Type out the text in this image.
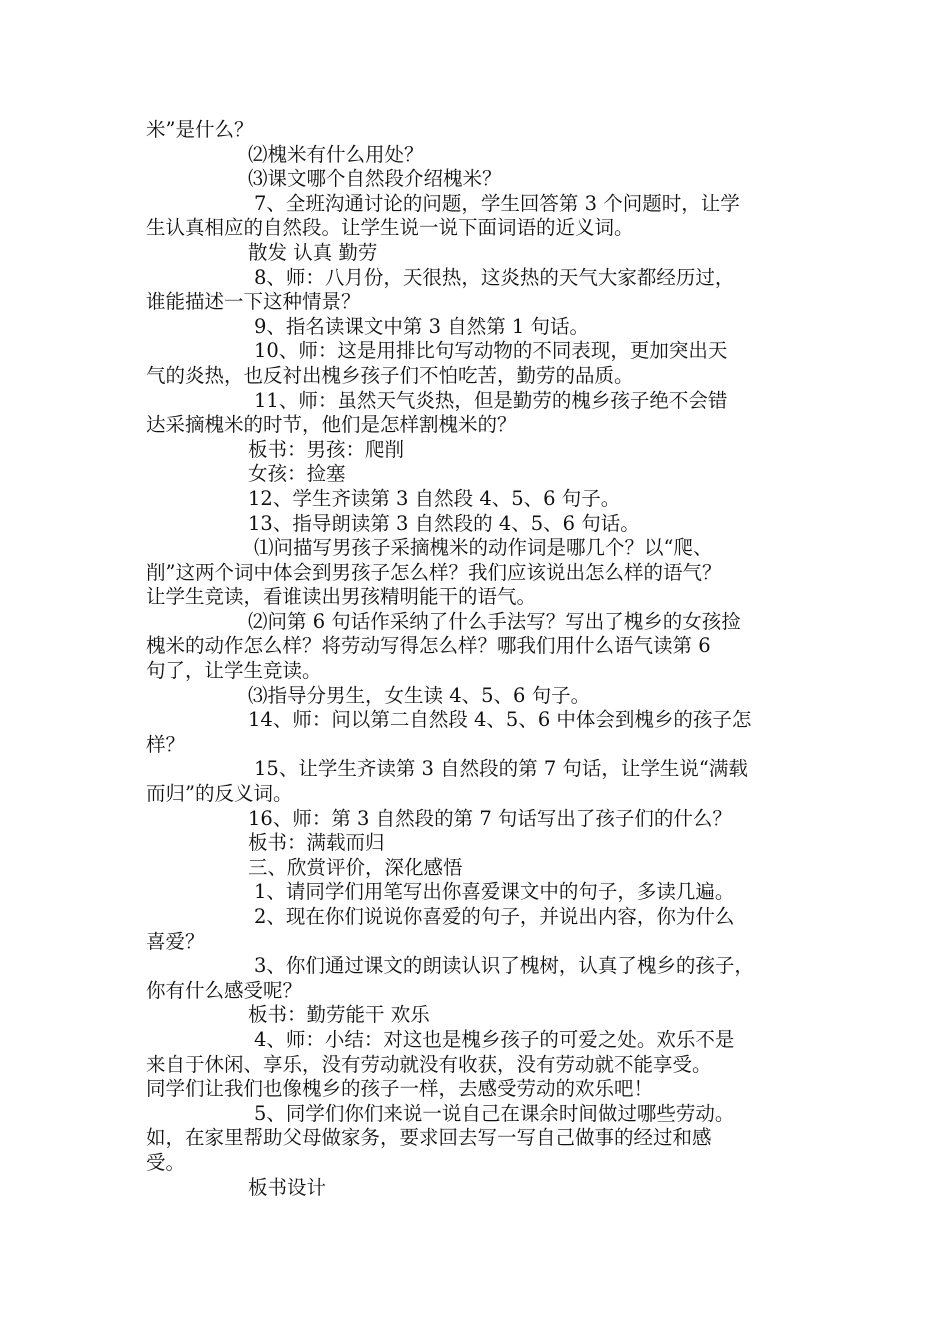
米”是什么？
⑵槐米有什么用处？
⑶课文哪个自然段介绍槐米？
7、全班沟通讨论的问题，学生回答第 3 个问题时，让学
生认真相应的自然段。让学生说一说下面词语的近义词。
散发 认真 勤劳
8、师：八月份，天很热，这炎热的天气大家都经历过，
谁能描述一下这种情景？
9、指名读课文中第 3 自然第 1 句话。
10、师：这是用排比句写动物的不同表现，更加突出天
气的炎热，也反衬出槐乡孩子们不怕吃苦，勤劳的品质。
11、师：虽然天气炎热，但是勤劳的槐乡孩子绝不会错
达采摘槐米的时节，他们是怎样割槐米的？
板书：男孩：爬削
女孩：捡塞
12、学生齐读第 3 自然段 4、5、6 句子。
13、指导朗读第 3 自然段的 4、5、6 句话。
⑴问描写男孩子采摘槐米的动作词是哪几个？以“爬、
削”这两个词中体会到男孩子怎么样？我们应该说出怎么样的语气？
让学生竞读，看谁读出男孩精明能干的语气。
⑵问第 6 句话作采纳了什么手法写？写出了槐乡的女孩捡
槐米的动作怎么样？将劳动写得怎么样？哪我们用什么语气读第 6
句了，让学生竞读。
⑶指导分男生，女生读 4、5、6 句子。
14、师：问以第二自然段 4、5、6 中体会到槐乡的孩子怎
样？
15、让学生齐读第 3 自然段的第 7 句话，让学生说“满载
而归”的反义词。
16、师：第 3 自然段的第 7 句话写出了孩子们的什么？
板书：满载而归
三、欣赏评价，深化感悟
1、请同学们用笔写出你喜爱课文中的句子，多读几遍。
2、现在你们说说你喜爱的句子，并说出内容，你为什么
喜爱？
3、你们通过课文的朗读认识了槐树，认真了槐乡的孩子，
你有什么感受呢？
板书：勤劳能干 欢乐
4、师：小结：对这也是槐乡孩子的可爱之处。欢乐不是
来自于休闲、享乐，没有劳动就没有收获，没有劳动就不能享受。
同学们让我们也像槐乡的孩子一样，去感受劳动的欢乐吧！
5、同学们你们来说一说自己在课余时间做过哪些劳动。
如，在家里帮助父母做家务，要求回去写一写自己做事的经过和感
受。
板书设计
